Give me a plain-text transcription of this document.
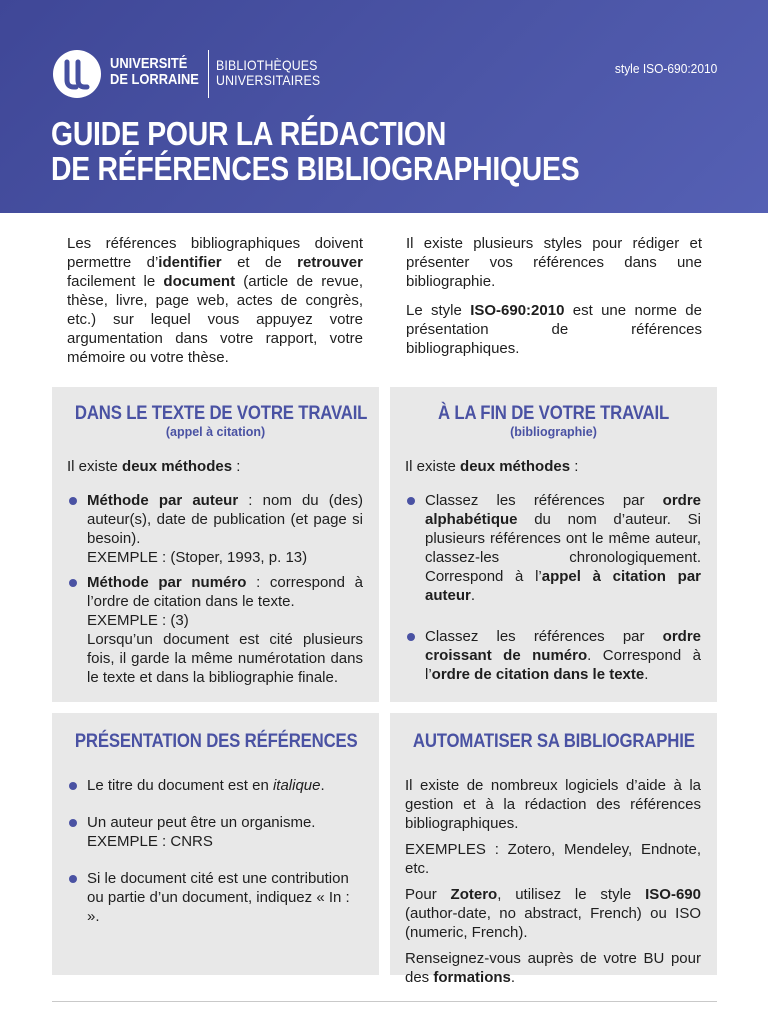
UNIVERSITÉ
DE LORRAINE
BIBLIOTHÈQUES
UNIVERSITAIRES
style ISO-690:2010
GUIDE POUR LA RÉDACTION
DE RÉFÉRENCES BIBLIOGRAPHIQUES

Les références bibliographiques doivent permettre d’identifier et de retrouver facilement le document (article de revue, thèse, livre, page web, actes de congrès, etc.) sur lequel vous appuyez votre argumentation dans votre rapport, votre mémoire ou votre thèse.

Il existe plusieurs styles pour rédiger et présenter vos références dans une bibliographie.

Le style ISO-690:2010 est une norme de présentation de références bibliographiques.

DANS LE TEXTE DE VOTRE TRAVAIL
(appel à citation)

Il existe deux méthodes :

Méthode par auteur : nom du (des) auteur(s), date de publication (et page si besoin).
EXEMPLE : (Stoper, 1993, p. 13)
Méthode par numéro : correspond à l’ordre de citation dans le texte.
EXEMPLE : (3)
Lorsqu’un document est cité plusieurs fois, il garde la même numérotation dans le texte et dans la bibliographie finale.
À LA FIN DE VOTRE TRAVAIL
(bibliographie)

Il existe deux méthodes :

Classez les références par ordre alphabétique du nom d’auteur. Si plusieurs références ont le même auteur, classez-les chronologiquement. Correspond à l’appel à citation par auteur.
Classez les références par ordre croissant de numéro. Correspond à l’ordre de citation dans le texte.
PRÉSENTATION DES RÉFÉRENCES
Le titre du document est en italique.
Un auteur peut être un organisme.
EXEMPLE : CNRS
Si le document cité est une contribution ou partie d’un document, indiquez « In : ».
AUTOMATISER SA BIBLIOGRAPHIE

Il existe de nombreux logiciels d’aide à la gestion et à la rédaction des références bibliographiques.

EXEMPLES : Zotero, Mendeley, Endnote, etc.

Pour Zotero, utilisez le style ISO-690 (author-date, no abstract, French) ou ISO (numeric, French).

Renseignez-vous auprès de votre BU pour des formations.
